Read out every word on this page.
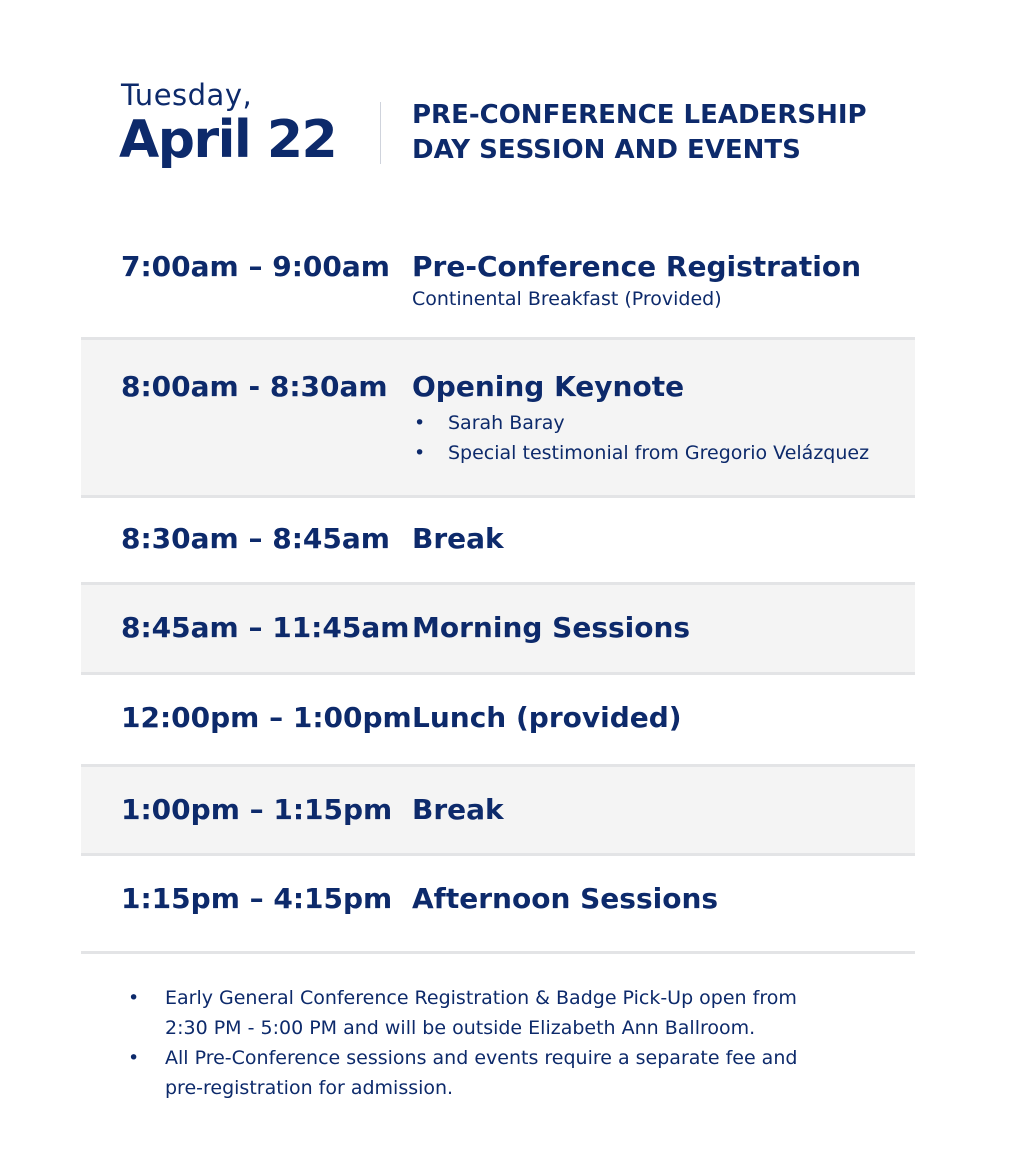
Tuesday,
April 22	PRE-CONFERENCE LEADERSHIP
DAY SESSION AND EVENTS
7:00am – 9:00am Pre-Conference Registration
Continental Breakfast (Provided)
8:00am - 8:30am Opening Keynote
• Sarah Baray
• Special testimonial from Gregorio Velázquez
8:30am – 8:45am Break
8:45am – 11:45am Morning Sessions
12:00pm – 1:00pm Lunch (provided)
1:00pm – 1:15pm Break
1:15pm – 4:15pm Afternoon Sessions
• Early General Conference Registration & Badge Pick-Up open from
2:30 PM - 5:00 PM and will be outside Elizabeth Ann Ballroom.
• All Pre-Conference sessions and events require a separate fee and
pre-registration for admission.
